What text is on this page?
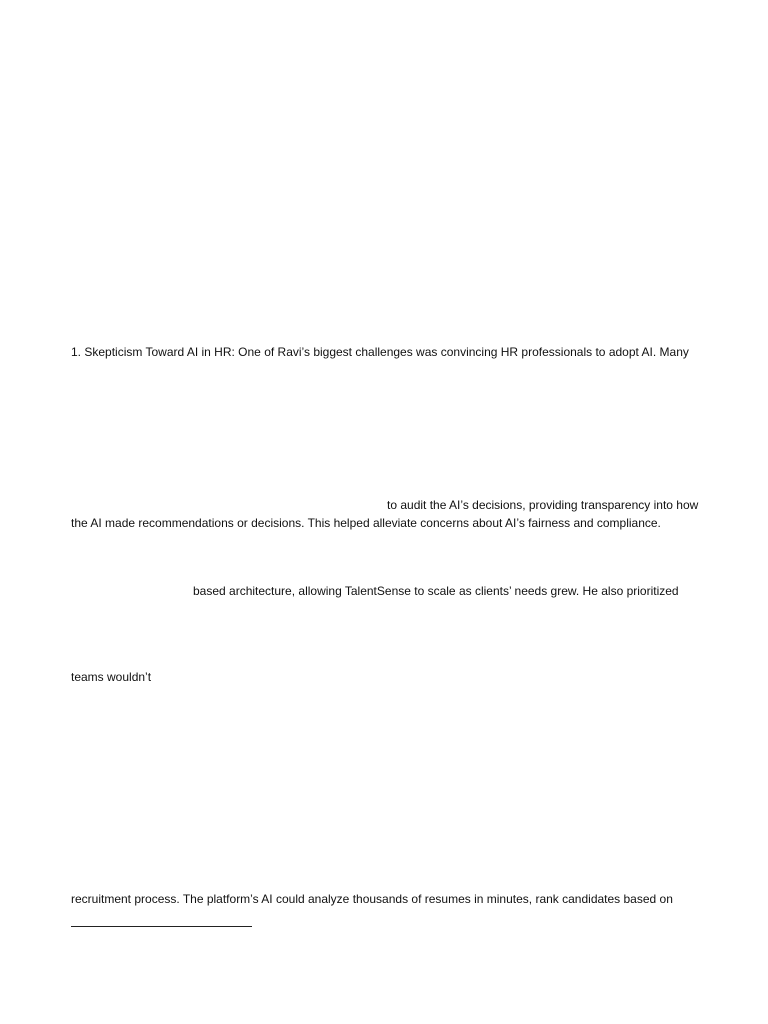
1. Skepticism Toward AI in HR: One of Ravi’s biggest challenges was convincing HR professionals to adopt AI. Many
to audit the AI’s decisions, providing transparency into how
the AI made recommendations or decisions. This helped alleviate concerns about AI’s fairness and compliance.
based architecture, allowing TalentSense to scale as clients’ needs grew. He also prioritized
teams wouldn’t
recruitment process. The platform’s AI could analyze thousands of resumes in minutes, rank candidates based on
